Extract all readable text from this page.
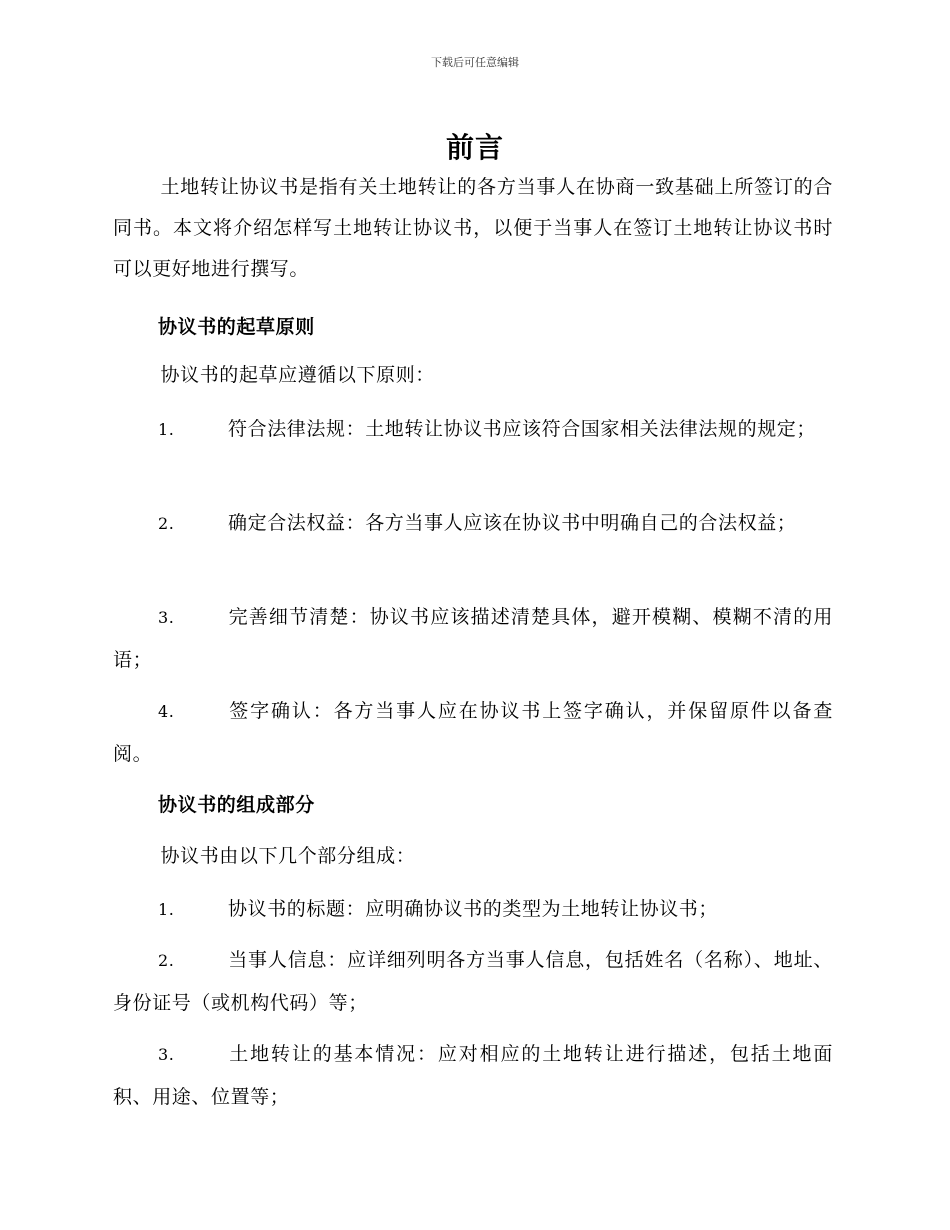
下载后可任意编辑
前言
土地转让协议书是指有关土地转让的各方当事人在协商一致基础上所签订的合同书。本文将介绍怎样写土地转让协议书，以便于当事人在签订土地转让协议书时可以更好地进行撰写。
协议书的起草原则
协议书的起草应遵循以下原则：
1.	符合法律法规：土地转让协议书应该符合国家相关法律法规的规定；
2.	确定合法权益：各方当事人应该在协议书中明确自己的合法权益；
3.	完善细节清楚：协议书应该描述清楚具体，避开模糊、模糊不清的用语；
4.	签字确认：各方当事人应在协议书上签字确认，并保留原件以备查阅。
协议书的组成部分
协议书由以下几个部分组成：
1.	协议书的标题：应明确协议书的类型为土地转让协议书；
2.	当事人信息：应详细列明各方当事人信息，包括姓名（名称）、地址、身份证号（或机构代码）等；
3.	土地转让的基本情况：应对相应的土地转让进行描述，包括土地面积、用途、位置等；
